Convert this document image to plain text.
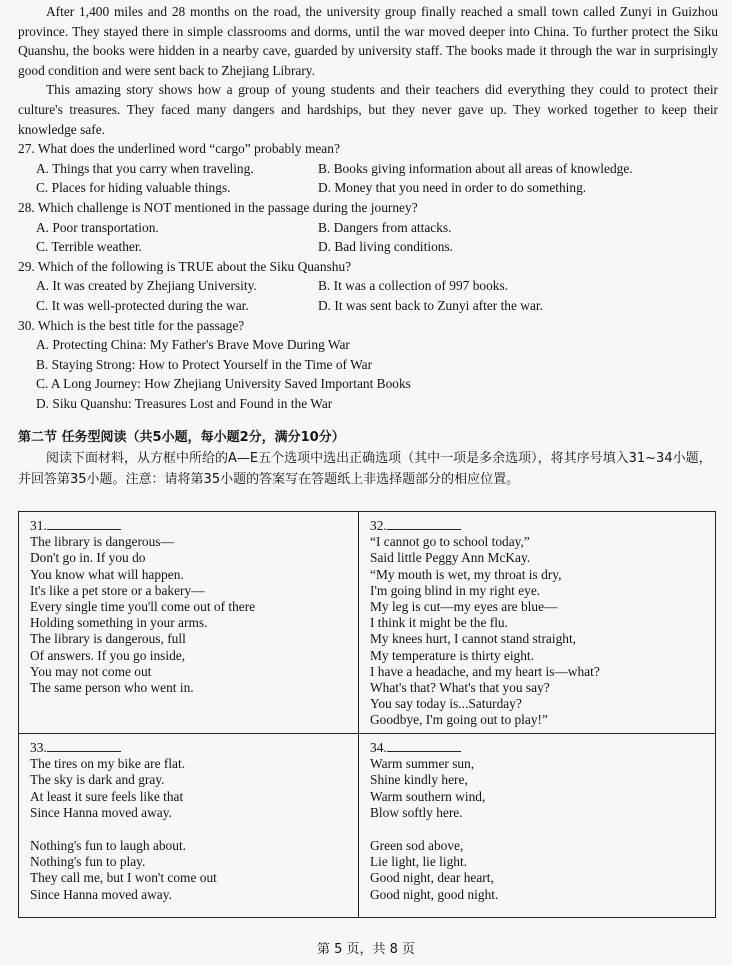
After 1,400 miles and 28 months on the road, the university group finally reached a small town called Zunyi in Guizhou province. They stayed there in simple classrooms and dorms, until the war moved deeper into China. To further protect the Siku Quanshu, the books were hidden in a nearby cave, guarded by university staff. The books made it through the war in surprisingly good condition and were sent back to Zhejiang Library.

This amazing story shows how a group of young students and their teachers did everything they could to protect their culture's treasures. They faced many dangers and hardships, but they never gave up. They worked together to keep their knowledge safe.

27. What does the underlined word “cargo” probably mean?

A. Things that you carry when traveling.	B. Books giving information about all areas of knowledge.
C. Places for hiding valuable things.	D. Money that you need in order to do something.

28. Which challenge is NOT mentioned in the passage during the journey?

A. Poor transportation.	B. Dangers from attacks.
C. Terrible weather.	D. Bad living conditions.

29. Which of the following is TRUE about the Siku Quanshu?

A. It was created by Zhejiang University.	B. It was a collection of 997 books.
C. It was well-protected during the war.	D. It was sent back to Zunyi after the war.

30. Which is the best title for the passage?

A. Protecting China: My Father's Brave Move During War
B. Staying Strong: How to Protect Yourself in the Time of War
C. A Long Journey: How Zhejiang University Saved Important Books
D. Siku Quanshu: Treasures Lost and Found in the War

第二节 任务型阅读（共5小题，每小题2分，满分10分）

阅读下面材料，从方框中所给的A—E五个选项中选出正确选项（其中一项是多余选项），将其序号填入31~34小题，并回答第35小题。注意：请将第35小题的答案写在答题纸上非选择题部分的相应位置。

31.
The library is dangerous—
Don't go in. If you do
You know what will happen.
It's like a pet store or a bakery—
Every single time you'll come out of there
Holding something in your arms.
The library is dangerous, full
Of answers. If you go inside,
You may not come out
The same person who went in.
32.
“I cannot go to school today,”
Said little Peggy Ann McKay.
“My mouth is wet, my throat is dry,
I'm going blind in my right eye.
My leg is cut—my eyes are blue—
I think it might be the flu.
My knees hurt, I cannot stand straight,
My temperature is thirty eight.
I have a headache, and my heart is—what?
What's that? What's that you say?
You say today is...Saturday?
Goodbye, I'm going out to play!”
33.
The tires on my bike are flat.
The sky is dark and gray.
At least it sure feels like that
Since Hanna moved away.
Nothing's fun to laugh about.
Nothing's fun to play.
They call me, but I won't come out
Since Hanna moved away.
34.
Warm summer sun,
Shine kindly here,
Warm southern wind,
Blow softly here.
Green sod above,
Lie light, lie light.
Good night, dear heart,
Good night, good night.
第 5 页，共 8 页
